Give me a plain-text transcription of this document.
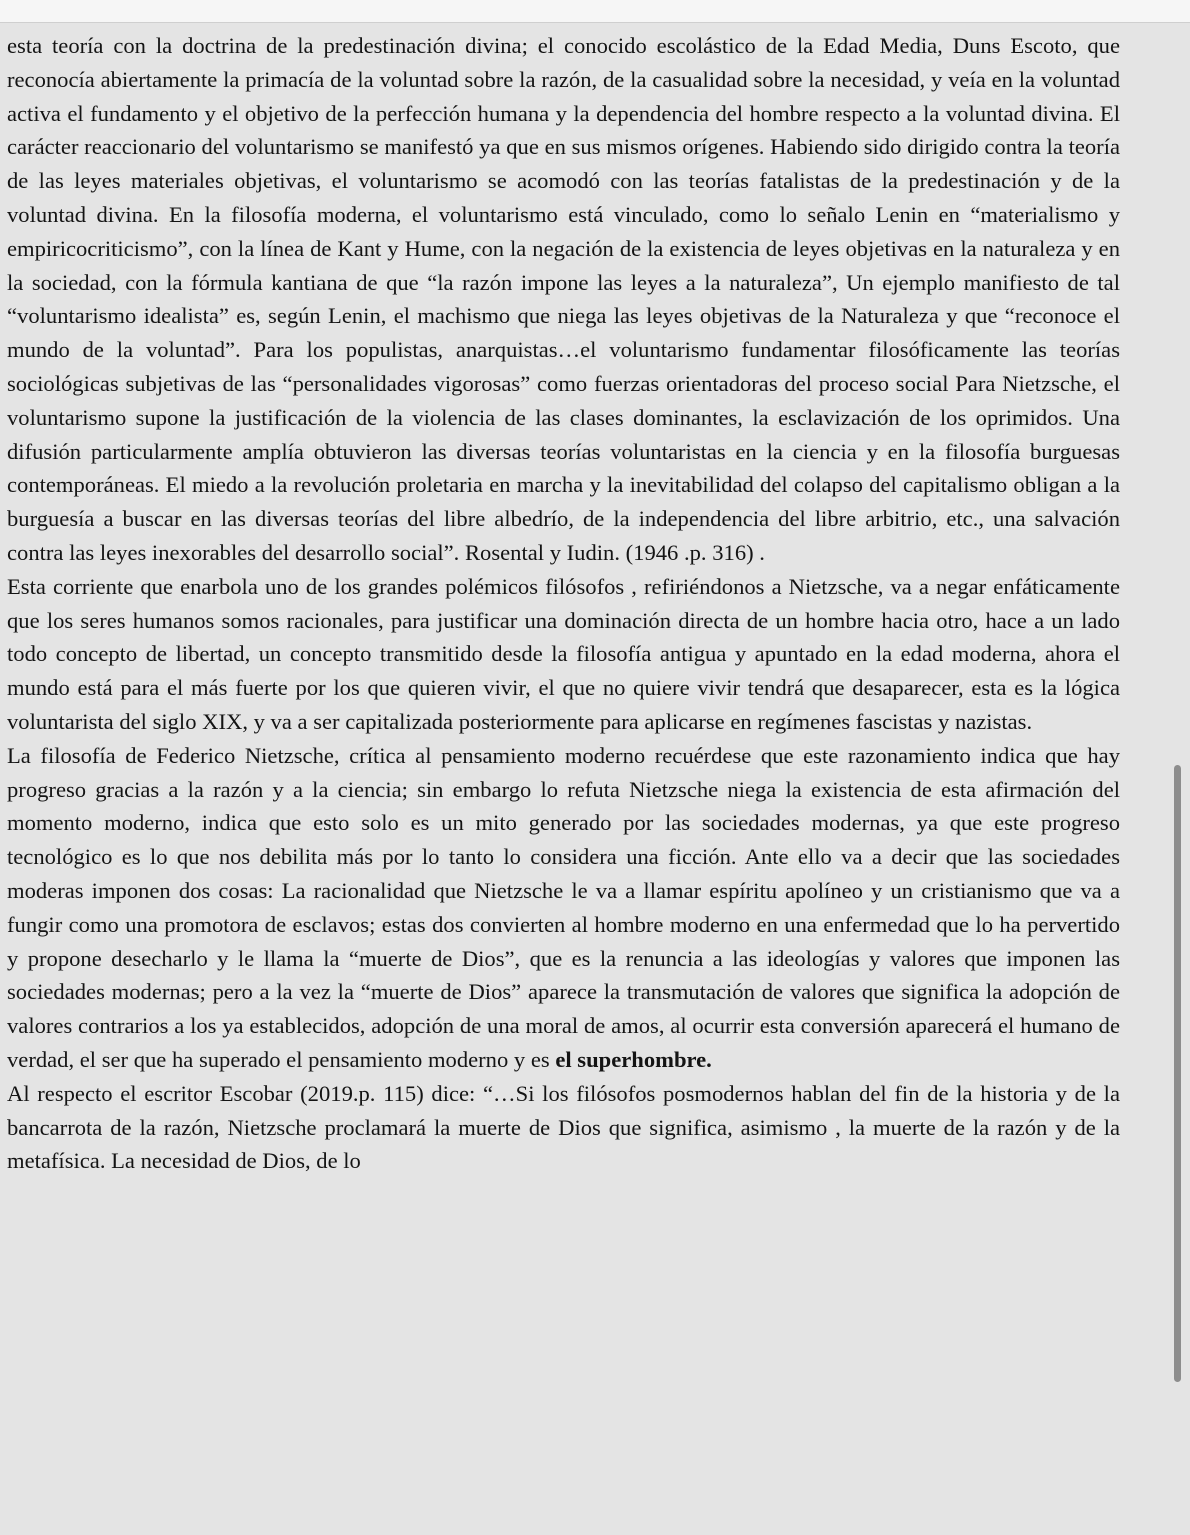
esta teoría con la doctrina de la predestinación divina; el conocido escolástico de la Edad Media, Duns Escoto, que reconocía abiertamente la primacía de la voluntad sobre la razón, de la casualidad sobre la necesidad, y veía en la voluntad activa el fundamento y el objetivo de la perfección humana y la dependencia del hombre respecto a la voluntad divina. El carácter reaccionario del voluntarismo se manifestó ya que en sus mismos orígenes. Habiendo sido dirigido contra la teoría de las leyes materiales objetivas, el voluntarismo se acomodó con las teorías fatalistas de la predestinación y de la voluntad divina. En la filosofía moderna, el voluntarismo está vinculado, como lo señalo Lenin en “materialismo y empiricocriticismo”, con la línea de Kant y Hume, con la negación de la existencia de leyes objetivas en la naturaleza y en la sociedad, con la fórmula kantiana de que “la razón impone las leyes a la naturaleza”, Un ejemplo manifiesto de tal “voluntarismo idealista” es, según Lenin, el machismo que niega las leyes objetivas de la Naturaleza y que “reconoce el mundo de la voluntad”. Para los populistas, anarquistas…el voluntarismo fundamentar filosóficamente las teorías sociológicas subjetivas de las “personalidades vigorosas” como fuerzas orientadoras del proceso social Para Nietzsche, el voluntarismo supone la justificación de la violencia de las clases dominantes, la esclavización de los oprimidos. Una difusión particularmente amplía obtuvieron las diversas teorías voluntaristas en la ciencia y en la filosofía burguesas contemporáneas. El miedo a la revolución proletaria en marcha y la inevitabilidad del colapso del capitalismo obligan a la burguesía a buscar en las diversas teorías del libre albedrío, de la independencia del libre arbitrio, etc., una salvación contra las leyes inexorables del desarrollo social”. Rosental y Iudin. (1946 .p. 316) .

Esta corriente que enarbola uno de los grandes polémicos filósofos , refiriéndonos a Nietzsche, va a negar enfáticamente que los seres humanos somos racionales, para justificar una dominación directa de un hombre hacia otro, hace a un lado todo concepto de libertad, un concepto transmitido desde la filosofía antigua y apuntado en la edad moderna, ahora el mundo está para el más fuerte por los que quieren vivir, el que no quiere vivir tendrá que desaparecer, esta es la lógica voluntarista del siglo XIX, y va a ser capitalizada posteriormente para aplicarse en regímenes fascistas y nazistas.

La filosofía de Federico Nietzsche, crítica al pensamiento moderno recuérdese que este razonamiento indica que hay progreso gracias a la razón y a la ciencia; sin embargo lo refuta Nietzsche niega la existencia de esta afirmación del momento moderno, indica que esto solo es un mito generado por las sociedades modernas, ya que este progreso tecnológico es lo que nos debilita más por lo tanto lo considera una ficción. Ante ello va a decir que las sociedades moderas imponen dos cosas: La racionalidad que Nietzsche le va a llamar espíritu apolíneo y un cristianismo que va a fungir como una promotora de esclavos; estas dos convierten al hombre moderno en una enfermedad que lo ha pervertido y propone desecharlo y le llama la “muerte de Dios”, que es la renuncia a las ideologías y valores que imponen las sociedades modernas; pero a la vez la “muerte de Dios” aparece la transmutación de valores que significa la adopción de valores contrarios a los ya establecidos, adopción de una moral de amos, al ocurrir esta conversión aparecerá el humano de verdad, el ser que ha superado el pensamiento moderno y es el superhombre.

Al respecto el escritor Escobar (2019.p. 115) dice: “…Si los filósofos posmodernos hablan del fin de la historia y de la bancarrota de la razón, Nietzsche proclamará la muerte de Dios que significa, asimismo , la muerte de la razón y de la metafísica. La necesidad de Dios, de lo
